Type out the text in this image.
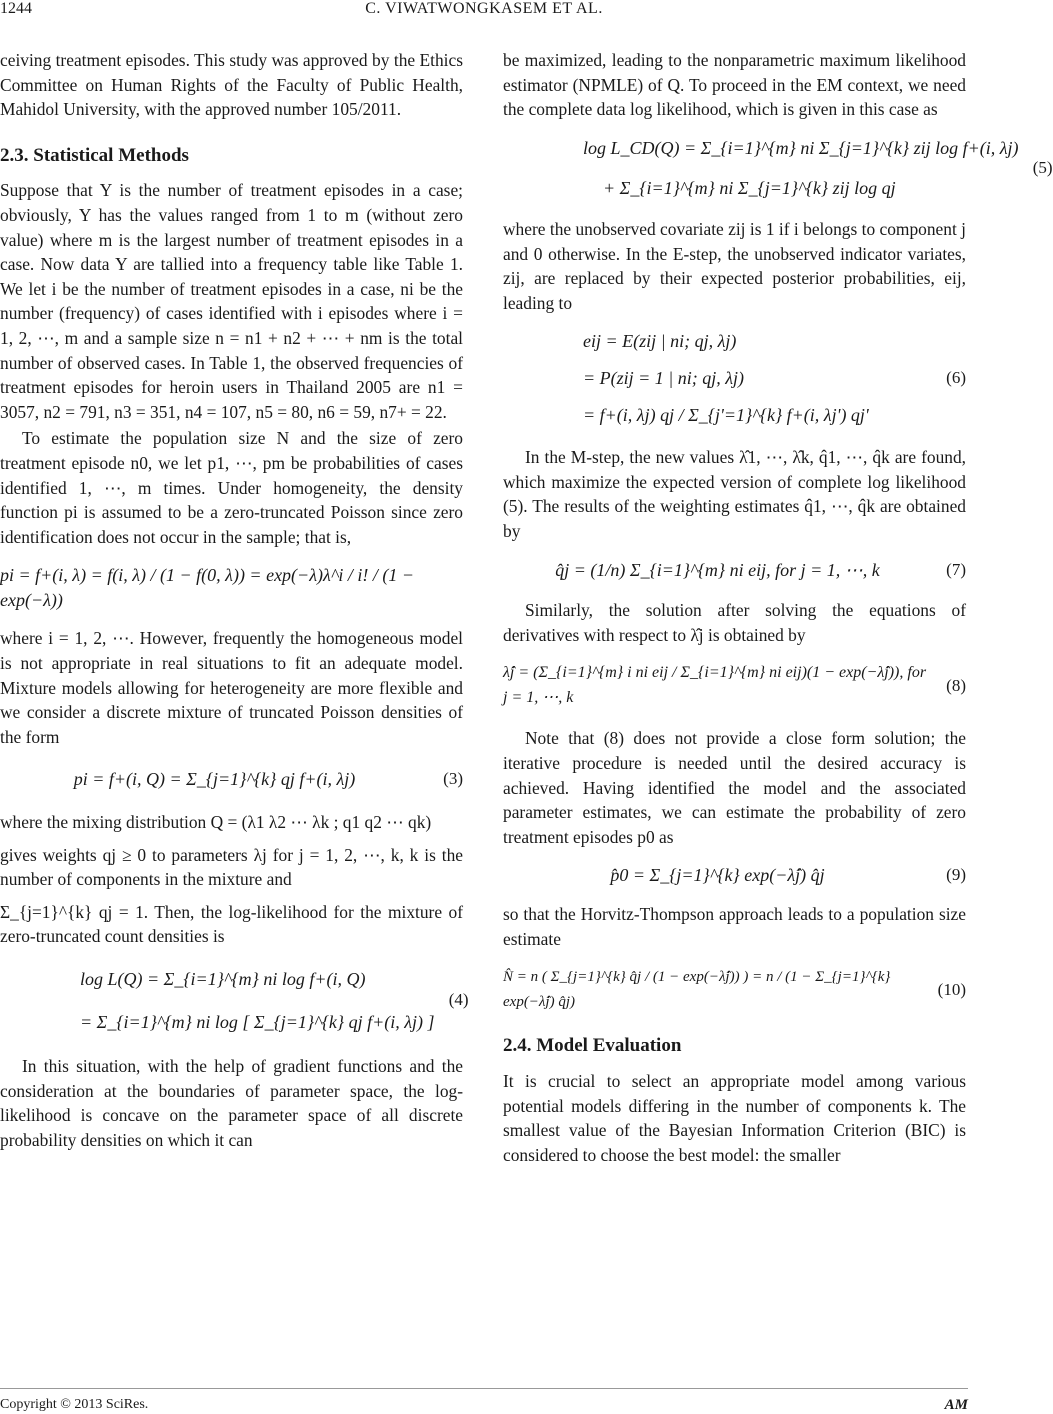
1244	C. VIWATWONGKASEM ET AL.

ceiving treatment episodes. This study was approved by the Ethics Committee on Human Rights of the Faculty of Public Health, Mahidol University, with the approved number 105/2011.

2.3. Statistical Methods

Suppose that Y is the number of treatment episodes in a case; obviously, Y has the values ranged from 1 to m (without zero value) where m is the largest number of treatment episodes in a case. Now data Y are tallied into a frequency table like Table 1. We let i be the number of treatment episodes in a case, ni be the number (frequency) of cases identified with i episodes where i = 1, 2, ⋯, m and a sample size n = n1 + n2 + ⋯ + nm is the total number of observed cases. In Table 1, the observed frequencies of treatment episodes for heroin users in Thailand 2005 are n1 = 3057, n2 = 791, n3 = 351, n4 = 107, n5 = 80, n6 = 59, n7+ = 22.

To estimate the population size N and the size of zero treatment episode n0, we let p1, ⋯, pm be probabilities of cases identified 1, ⋯, m times. Under homogeneity, the density function pi is assumed to be a zero-truncated Poisson since zero identification does not occur in the sample; that is,

pi = f+(i, λ) = f(i, λ) / (1 − f(0, λ)) = exp(−λ)λ^i / i! / (1 − exp(−λ))

where i = 1, 2, ⋯. However, frequently the homogeneous model is not appropriate in real situations to fit an adequate model. Mixture models allowing for heterogeneity are more flexible and we consider a discrete mixture of truncated Poisson densities of the form

pi = f+(i, Q) = Σ_{j=1}^{k} qj f+(i, λj)	(3)

where the mixing distribution Q = (λ1 λ2 ⋯ λk ; q1 q2 ⋯ qk)

gives weights qj ≥ 0 to parameters λj for j = 1, 2, ⋯, k, k is the number of components in the mixture and

Σ_{j=1}^{k} qj = 1. Then, the log-likelihood for the mixture of zero-truncated count densities is

log L(Q) = Σ_{i=1}^{m} ni log f+(i, Q)
= Σ_{i=1}^{m} ni log [ Σ_{j=1}^{k} qj f+(i, λj) ]
(4)

In this situation, with the help of gradient functions and the consideration at the boundaries of parameter space, the log-likelihood is concave on the parameter space of all discrete probability densities on which it can

be maximized, leading to the nonparametric maximum likelihood estimator (NPMLE) of Q. To proceed in the EM context, we need the complete data log likelihood, which is given in this case as

log L_CD(Q) = Σ_{i=1}^{m} ni Σ_{j=1}^{k} zij log f+(i, λj)
+ Σ_{i=1}^{m} ni Σ_{j=1}^{k} zij log qj
(5)

where the unobserved covariate zij is 1 if i belongs to component j and 0 otherwise. In the E-step, the unobserved indicator variates, zij, are replaced by their expected posterior probabilities, eij, leading to

eij = E(zij | ni; qj, λj)
= P(zij = 1 | ni; qj, λj)
= f+(i, λj) qj / Σ_{j'=1}^{k} f+(i, λj') qj'
(6)

In the M-step, the new values λ̂1, ⋯, λ̂k, q̂1, ⋯, q̂k are found, which maximize the expected version of complete log likelihood (5). The results of the weighting estimates q̂1, ⋯, q̂k are obtained by

q̂j = (1/n) Σ_{i=1}^{m} ni eij, for j = 1, ⋯, k	(7)

Similarly, the solution after solving the equations of derivatives with respect to λ̂j is obtained by

λ̂j = (Σ_{i=1}^{m} i ni eij / Σ_{i=1}^{m} ni eij)(1 − exp(−λ̂j)), for j = 1, ⋯, k
(8)

Note that (8) does not provide a close form solution; the iterative procedure is needed until the desired accuracy is achieved. Having identified the model and the associated parameter estimates, we can estimate the probability of zero treatment episodes p0 as

p̂0 = Σ_{j=1}^{k} exp(−λ̂j) q̂j	(9)

so that the Horvitz-Thompson approach leads to a population size estimate

N̂ = n ( Σ_{j=1}^{k} q̂j / (1 − exp(−λ̂j)) ) = n / (1 − Σ_{j=1}^{k} exp(−λ̂j) q̂j)
(10)
2.4. Model Evaluation

It is crucial to select an appropriate model among various potential models differing in the number of components k. The smallest value of the Bayesian Information Criterion (BIC) is considered to choose the best model: the smaller

Copyright © 2013 SciRes.	AM
